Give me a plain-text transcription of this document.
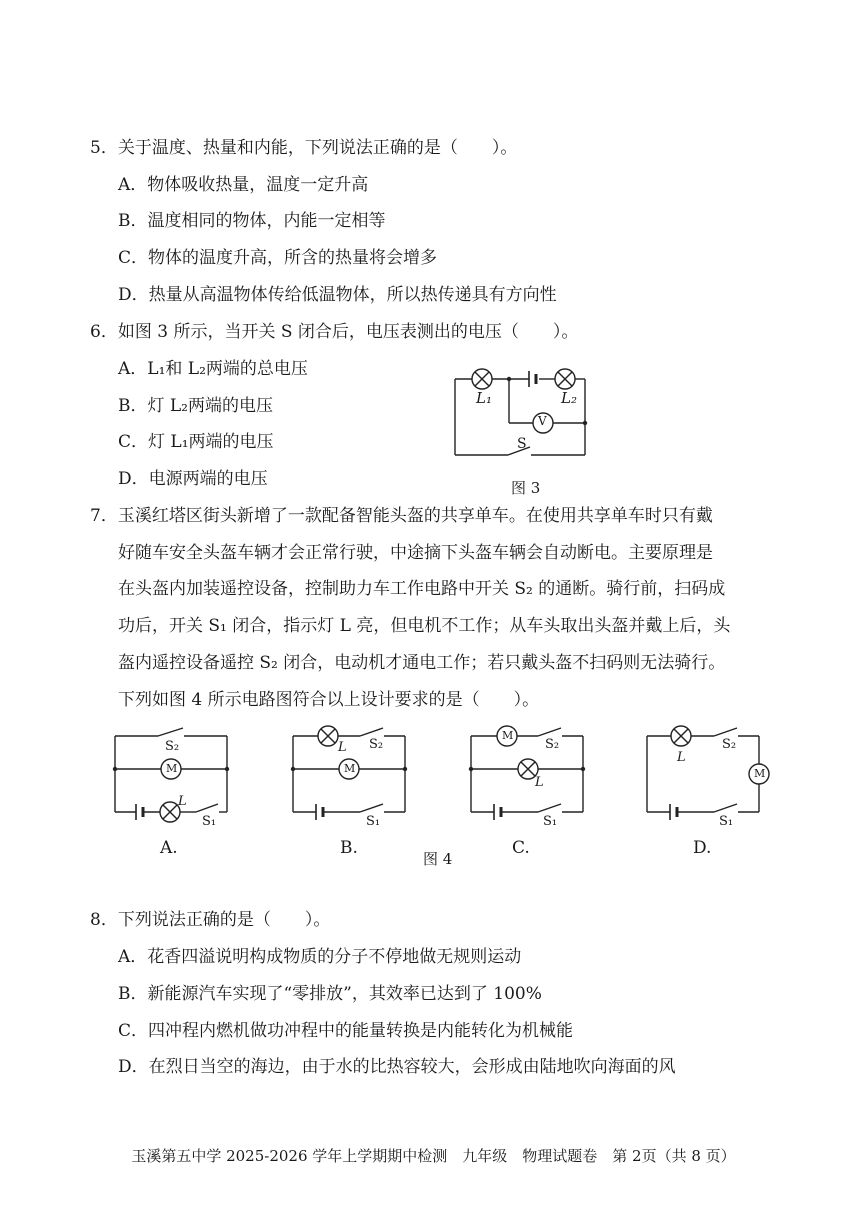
5．关于温度、热量和内能，下列说法正确的是（　　）。
A．物体吸收热量，温度一定升高
B．温度相同的物体，内能一定相等
C．物体的温度升高，所含的热量将会增多
D．热量从高温物体传给低温物体，所以热传递具有方向性
6．如图 3 所示，当开关 S 闭合后，电压表测出的电压（　　）。
A．L₁和 L₂两端的总电压
B．灯 L₂两端的电压
C．灯 L₁两端的电压
D．电源两端的电压
L₁	L₂
V
S
图 3
7．玉溪红塔区街头新增了一款配备智能头盔的共享单车。在使用共享单车时只有戴
好随车安全头盔车辆才会正常行驶，中途摘下头盔车辆会自动断电。主要原理是
在头盔内加装遥控设备，控制助力车工作电路中开关 S₂ 的通断。骑行前，扫码成
功后，开关 S₁ 闭合，指示灯 L 亮，但电机不工作；从车头取出头盔并戴上后，头
盔内遥控设备遥控 S₂ 闭合，电动机才通电工作；若只戴头盔不扫码则无法骑行。
下列如图 4 所示电路图符合以上设计要求的是（　　）。
S₂
M
L
S₁
L S₂
M
S₁
M
S₂
L
S₁
L
S₂
M
S₁
A.	B.	C.	D.
图 4
8．下列说法正确的是（　　）。
A．花香四溢说明构成物质的分子不停地做无规则运动
B．新能源汽车实现了“零排放”，其效率已达到了 100%
C．四冲程内燃机做功冲程中的能量转换是内能转化为机械能
D．在烈日当空的海边，由于水的比热容较大，会形成由陆地吹向海面的风
玉溪第五中学 2025-2026 学年上学期期中检测　九年级　物理试题卷　第 2页（共 8 页）
